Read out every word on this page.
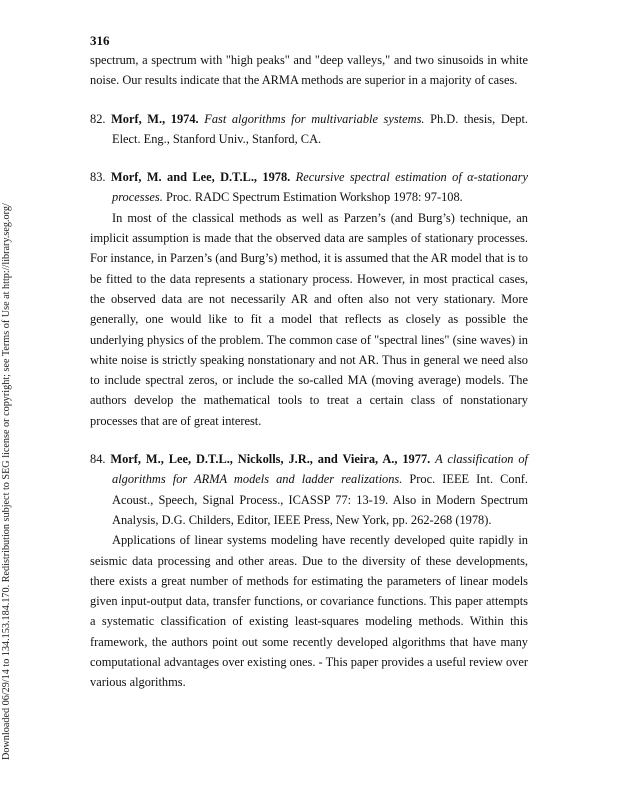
316
Downloaded 06/29/14 to 134.153.184.170. Redistribution subject to SEG license or copyright; see Terms of Use at http://library.seg.org/

spectrum, a spectrum with "high peaks" and "deep valleys," and two sinusoids in white noise. Our results indicate that the ARMA methods are superior in a majority of cases.

82. Morf, M., 1974. Fast algorithms for multivariable systems. Ph.D. thesis, Dept. Elect. Eng., Stanford Univ., Stanford, CA.

83. Morf, M. and Lee, D.T.L., 1978. Recursive spectral estimation of α-stationary processes. Proc. RADC Spectrum Estimation Workshop 1978: 97-108.

In most of the classical methods as well as Parzen’s (and Burg’s) technique, an implicit assumption is made that the observed data are samples of stationary processes. For instance, in Parzen’s (and Burg’s) method, it is assumed that the AR model that is to be fitted to the data represents a stationary process. However, in most practical cases, the observed data are not necessarily AR and often also not very stationary. More generally, one would like to fit a model that reflects as closely as possible the underlying physics of the problem. The common case of "spectral lines" (sine waves) in white noise is strictly speaking nonstationary and not AR. Thus in general we need also to include spectral zeros, or include the so-called MA (moving average) models. The authors develop the mathematical tools to treat a certain class of nonstationary processes that are of great interest.

84. Morf, M., Lee, D.T.L., Nickolls, J.R., and Vieira, A., 1977. A classification of algorithms for ARMA models and ladder realizations. Proc. IEEE Int. Conf. Acoust., Speech, Signal Process., ICASSP 77: 13-19. Also in Modern Spectrum Analysis, D.G. Childers, Editor, IEEE Press, New York, pp. 262-268 (1978).

Applications of linear systems modeling have recently developed quite rapidly in seismic data processing and other areas. Due to the diversity of these developments, there exists a great number of methods for estimating the parameters of linear models given input-output data, transfer functions, or covariance functions. This paper attempts a systematic classification of existing least-squares modeling methods. Within this framework, the authors point out some recently developed algorithms that have many computational advantages over existing ones. - This paper provides a useful review over various algorithms.
